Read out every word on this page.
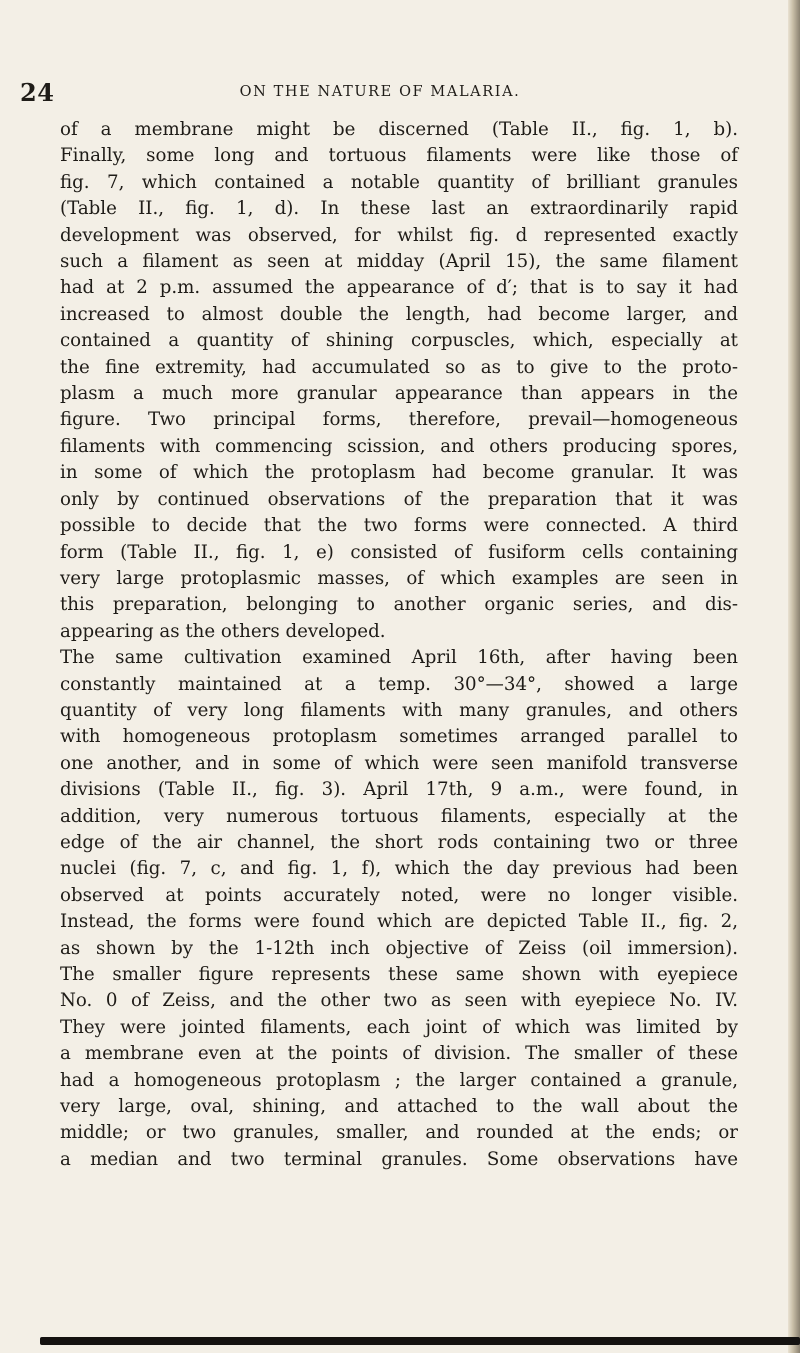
24	ON THE NATURE OF MALARIA.
of a membrane might be discerned (Table II., fig. 1, b).
Finally, some long and tortuous filaments were like those of
fig. 7, which contained a notable quantity of brilliant granules
(Table II., fig. 1, d). In these last an extraordinarily rapid
development was observed, for whilst fig. d represented exactly
such a filament as seen at midday (April 15), the same filament
had at 2 p.m. assumed the appearance of d′; that is to say it had
increased to almost double the length, had become larger, and
contained a quantity of shining corpuscles, which, especially at
the fine extremity, had accumulated so as to give to the proto-
plasm a much more granular appearance than appears in the
figure. Two principal forms, therefore, prevail—homogeneous
filaments with commencing scission, and others producing spores,
in some of which the protoplasm had become granular. It was
only by continued observations of the preparation that it was
possible to decide that the two forms were connected. A third
form (Table II., fig. 1, e) consisted of fusiform cells containing
very large protoplasmic masses, of which examples are seen in
this preparation, belonging to another organic series, and dis-
appearing as the others developed.
The same cultivation examined April 16th, after having been
constantly maintained at a temp. 30°—34°, showed a large
quantity of very long filaments with many granules, and others
with homogeneous protoplasm sometimes arranged parallel to
one another, and in some of which were seen manifold transverse
divisions (Table II., fig. 3). April 17th, 9 a.m., were found, in
addition, very numerous tortuous filaments, especially at the
edge of the air channel, the short rods containing two or three
nuclei (fig. 7, c, and fig. 1, f), which the day previous had been
observed at points accurately noted, were no longer visible.
Instead, the forms were found which are depicted Table II., fig. 2,
as shown by the 1-12th inch objective of Zeiss (oil immersion).
The smaller figure represents these same shown with eyepiece
No. 0 of Zeiss, and the other two as seen with eyepiece No. IV.
They were jointed filaments, each joint of which was limited by
a membrane even at the points of division. The smaller of these
had a homogeneous protoplasm ; the larger contained a granule,
very large, oval, shining, and attached to the wall about the
middle; or two granules, smaller, and rounded at the ends; or
a median and two terminal granules. Some observations have
